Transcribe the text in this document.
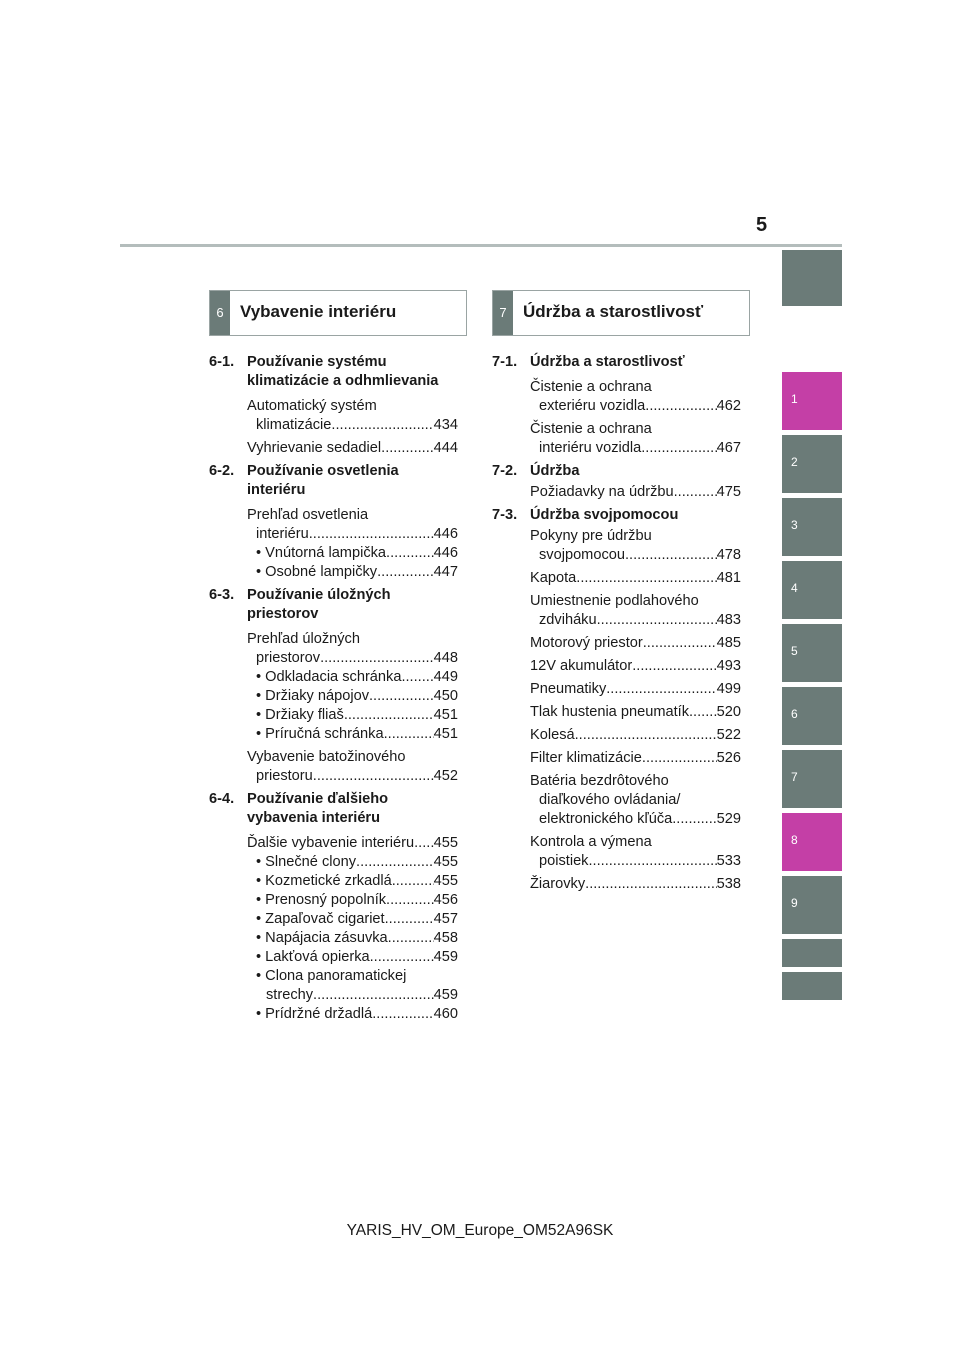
5
1
2
3
4
5
6
7
8
9
6 Vybavenie interiéru	7 Údržba a starostlivosť
6-1. Používanie systému klimatizácie a odhmlievania
Automatický systém
klimatizácie .....	434
Vyhrievanie sedadiel .....	444
6-2. Používanie osvetlenia interiéru
Prehľad osvetlenia
interiéru .....	446
• Vnútorná lampička .....	446
• Osobné lampičky .....	447
6-3. Používanie úložných priestorov
Prehľad úložných
priestorov .....	448
• Odkladacia schránka ..... 449
• Držiaky nápojov .....	450
• Držiaky fliaš .....	451
• Príručná schránka .....	451
Vybavenie batožinového
priestoru .....	452
6-4. Používanie ďalšieho vybavenia interiéru
Ďalšie vybavenie interiéru ..... 455
• Slnečné clony .....	455
• Kozmetické zrkadlá .....	455
• Prenosný popolník .....	456
• Zapaľovač cigariet .....	457
• Napájacia zásuvka .....	458
• Lakťová opierka .....	459
• Clona panoramatickej
strechy .....	459
• Prídržné držadlá .....	460
7-1. Údržba a starostlivosť
Čistenie a ochrana
exteriéru vozidla .....	462
Čistenie a ochrana
interiéru vozidla .....	467
7-2. Údržba
Požiadavky na údržbu .....	475
7-3. Údržba svojpomocou
Pokyny pre údržbu
svojpomocou .....	478
Kapota .....	481
Umiestnenie podlahového
zdviháku .....	483
Motorový priestor .....	485
12V akumulátor .....	493
Pneumatiky .....	499
Tlak hustenia pneumatík ..... 520
Kolesá .....	522
Filter klimatizácie .....	526
Batéria bezdrôtového
diaľkového ovládania/
elektronického kľúča .....	529
Kontrola a výmena
poistiek .....	533
Žiarovky .....	538
YARIS_HV_OM_Europe_OM52A96SK
